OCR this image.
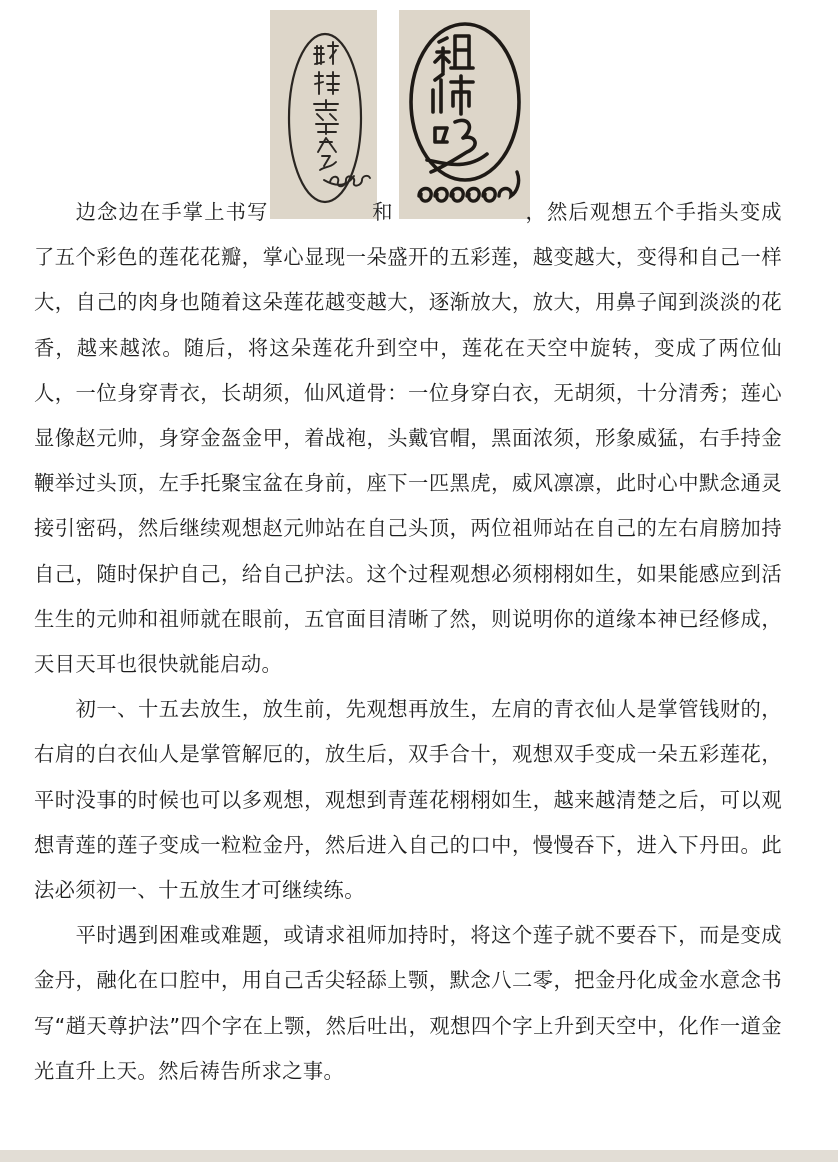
边念边在手掌上书写	和	，然后观想五个手指头变成了五个彩色的莲花花瓣，掌心显现一朵盛开的五彩莲，越变越大，变得和自己一样大，自己的肉身也随着这朵莲花越变越大，逐渐放大，放大，用鼻子闻到淡淡的花香，越来越浓。随后，将这朵莲花升到空中，莲花在天空中旋转，变成了两位仙人，一位身穿青衣，长胡须，仙风道骨：一位身穿白衣，无胡须，十分清秀；莲心显像赵元帅，身穿金盔金甲，着战袍，头戴官帽，黑面浓须，形象威猛，右手持金鞭举过头顶，左手托聚宝盆在身前，座下一匹黑虎，威风凛凛，此时心中默念通灵接引密码，然后继续观想赵元帅站在自己头顶，两位祖师站在自己的左右肩膀加持自己，随时保护自己，给自己护法。这个过程观想必须栩栩如生，如果能感应到活生生的元帅和祖师就在眼前，五官面目清晰了然，则说明你的道缘本神已经修成，天目天耳也很快就能启动。

初一、十五去放生，放生前，先观想再放生，左肩的青衣仙人是掌管钱财的，右肩的白衣仙人是掌管解厄的，放生后，双手合十，观想双手变成一朵五彩莲花，平时没事的时候也可以多观想，观想到青莲花栩栩如生，越来越清楚之后，可以观想青莲的莲子变成一粒粒金丹，然后进入自己的口中，慢慢吞下，进入下丹田。此法必须初一、十五放生才可继续练。

平时遇到困难或难题，或请求祖师加持时，将这个莲子就不要吞下，而是变成金丹，融化在口腔中，用自己舌尖轻舔上颚，默念八二零，把金丹化成金水意念书写“趙天尊护法”四个字在上颚，然后吐出，观想四个字上升到天空中，化作一道金光直升上天。然后祷告所求之事。
